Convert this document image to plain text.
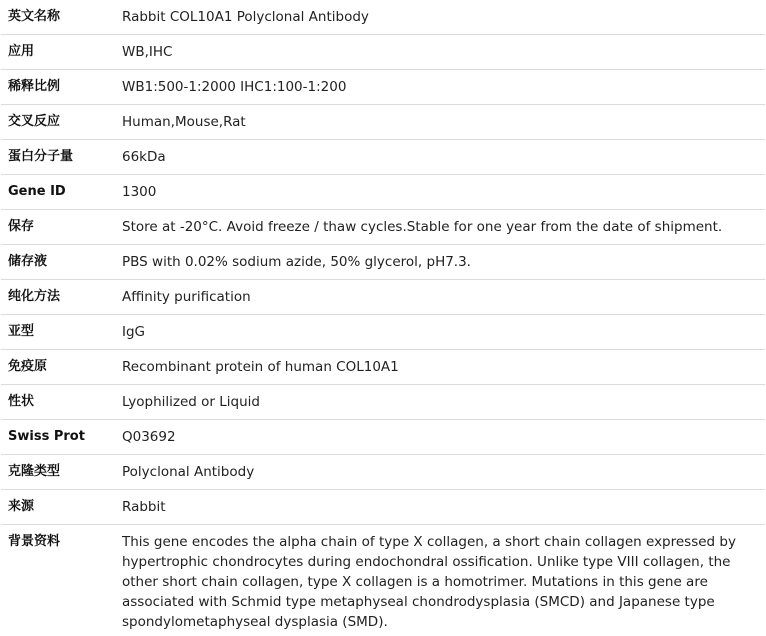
英文名称	Rabbit COL10A1 Polyclonal Antibody
应用	WB,IHC
稀释比例	WB1:500-1:2000 IHC1:100-1:200
交叉反应	Human,Mouse,Rat
蛋白分子量	66kDa
Gene ID	1300
保存	Store at -20°C. Avoid freeze / thaw cycles.Stable for one year from the date of shipment.
储存液	PBS with 0.02% sodium azide, 50% glycerol, pH7.3.
纯化方法	Affinity purification
亚型	IgG
免疫原	Recombinant protein of human COL10A1
性状	Lyophilized or Liquid
Swiss Prot	Q03692
克隆类型	Polyclonal Antibody
来源	Rabbit
背景资料	This gene encodes the alpha chain of type X collagen, a short chain collagen expressed by hypertrophic chondrocytes during endochondral ossification. Unlike type VIII collagen, the other short chain collagen, type X collagen is a homotrimer. Mutations in this gene are associated with Schmid type metaphyseal chondrodysplasia (SMCD) and Japanese type spondylometaphyseal dysplasia (SMD).
